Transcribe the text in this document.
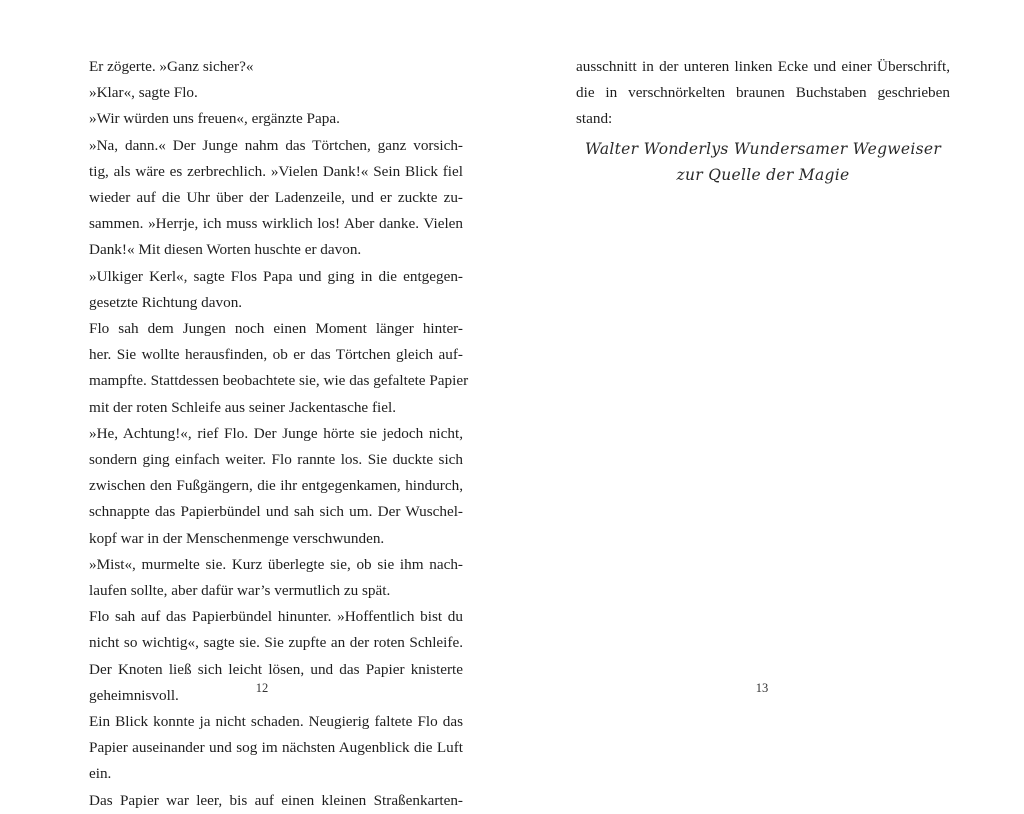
Er zögerte. »Ganz sicher?«
»Klar«, sagte Flo.
»Wir würden uns freuen«, ergänzte Papa.
»Na, dann.« Der Junge nahm das Törtchen, ganz vorsich-
tig, als wäre es zerbrechlich. »Vielen Dank!« Sein Blick fiel
wieder auf die Uhr über der Ladenzeile, und er zuckte zu-
sammen. »Herrje, ich muss wirklich los! Aber danke. Vielen
Dank!« Mit diesen Worten huschte er davon.
»Ulkiger Kerl«, sagte Flos Papa und ging in die entgegen-
gesetzte Richtung davon.
Flo sah dem Jungen noch einen Moment länger hinter-
her. Sie wollte herausfinden, ob er das Törtchen gleich auf-
mampfte. Stattdessen beobachtete sie, wie das gefaltete Papier
mit der roten Schleife aus seiner Jackentasche fiel.
»He, Achtung!«, rief Flo. Der Junge hörte sie jedoch nicht,
sondern ging einfach weiter. Flo rannte los. Sie duckte sich
zwischen den Fußgängern, die ihr entgegenkamen, hindurch,
schnappte das Papierbündel und sah sich um. Der Wuschel-
kopf war in der Menschenmenge verschwunden.
»Mist«, murmelte sie. Kurz überlegte sie, ob sie ihm nach-
laufen sollte, aber dafür war’s vermutlich zu spät.
Flo sah auf das Papierbündel hinunter. »Hoffentlich bist du
nicht so wichtig«, sagte sie. Sie zupfte an der roten Schleife.
Der Knoten ließ sich leicht lösen, und das Papier knisterte
geheimnisvoll.
Ein Blick konnte ja nicht schaden. Neugierig faltete Flo das
Papier auseinander und sog im nächsten Augenblick die Luft
ein.
Das Papier war leer, bis auf einen kleinen Straßenkarten-
12
ausschnitt in der unteren linken Ecke und einer Überschrift,
die in verschnörkelten braunen Buchstaben geschrieben
stand:
Walter Wonderlys Wundersamer Wegweiser
zur Quelle der Magie
13
